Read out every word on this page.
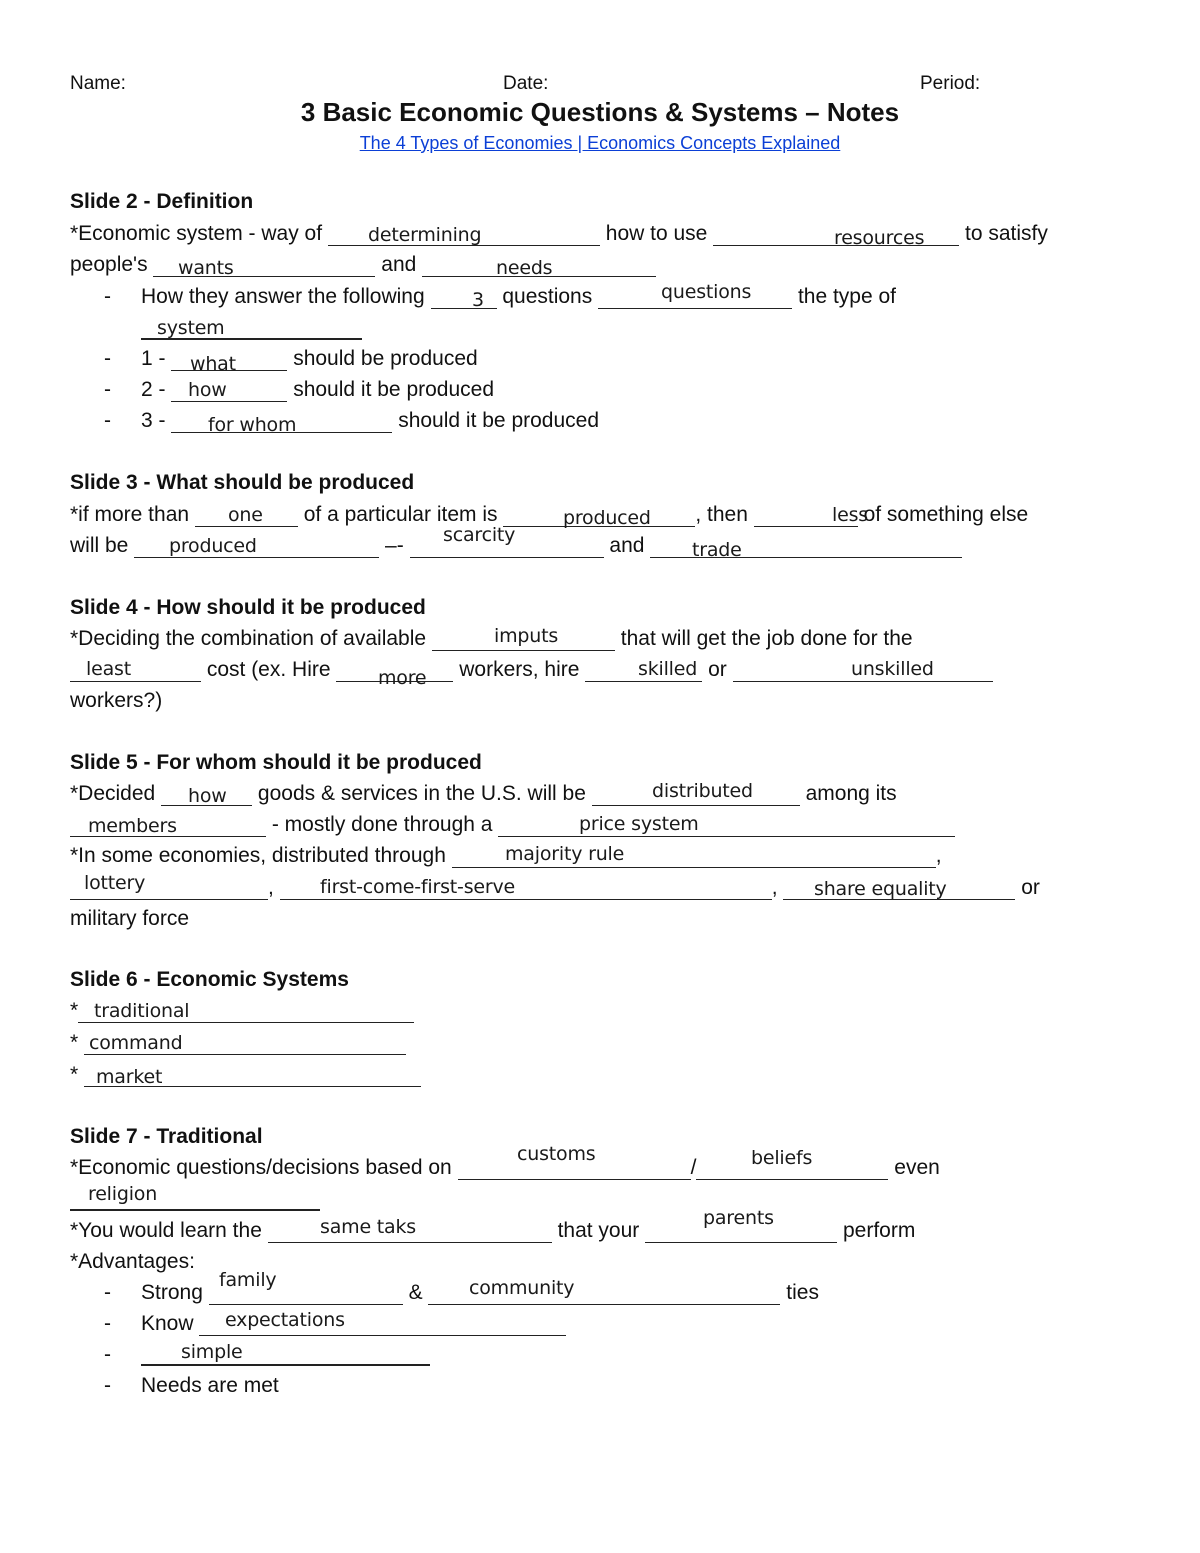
Name:	Date:	Period:
3 Basic Economic Questions & Systems – Notes
The 4 Types of Economies | Economics Concepts Explained
Slide 2 - Definition
*Economic system - way of	how to use	to satisfy
determining	resources
people's	and
wants	needs
- How they answer the following	questions	the type of
3	questions
system
- 1 -	should be produced
what
- 2 -	should it be produced
how
- 3 -	should it be produced
for whom
Slide 3 - What should be produced
*if more than	of a particular item is	, then	of something else
one	produced	less
will be	–-	and
produced	scarcity
trade
Slide 4 - How should it be produced
*Deciding the combination of available	that will get the job done for the
imputs
cost (ex. Hire	workers, hire	or
least	more	skilled	unskilled
workers?)
Slide 5 - For whom should it be produced
*Decided	goods & services in the U.S. will be	among its
how	distributed
- mostly done through a
members	price system
*In some economies, distributed through	,
majority rule
,	,	or
lottery	first-come-first-serve	share equality
military force
Slide 6 - Economic Systems
* traditional
* command
* market
Slide 7 - Traditional
*Economic questions/decisions based on	/	even
customs	beliefs
religion
*You would learn the	that your	perform
same taks	parents
*Advantages:
- Strong	&	ties
family	community
- Know	expectations
-	simple
- Needs are met
